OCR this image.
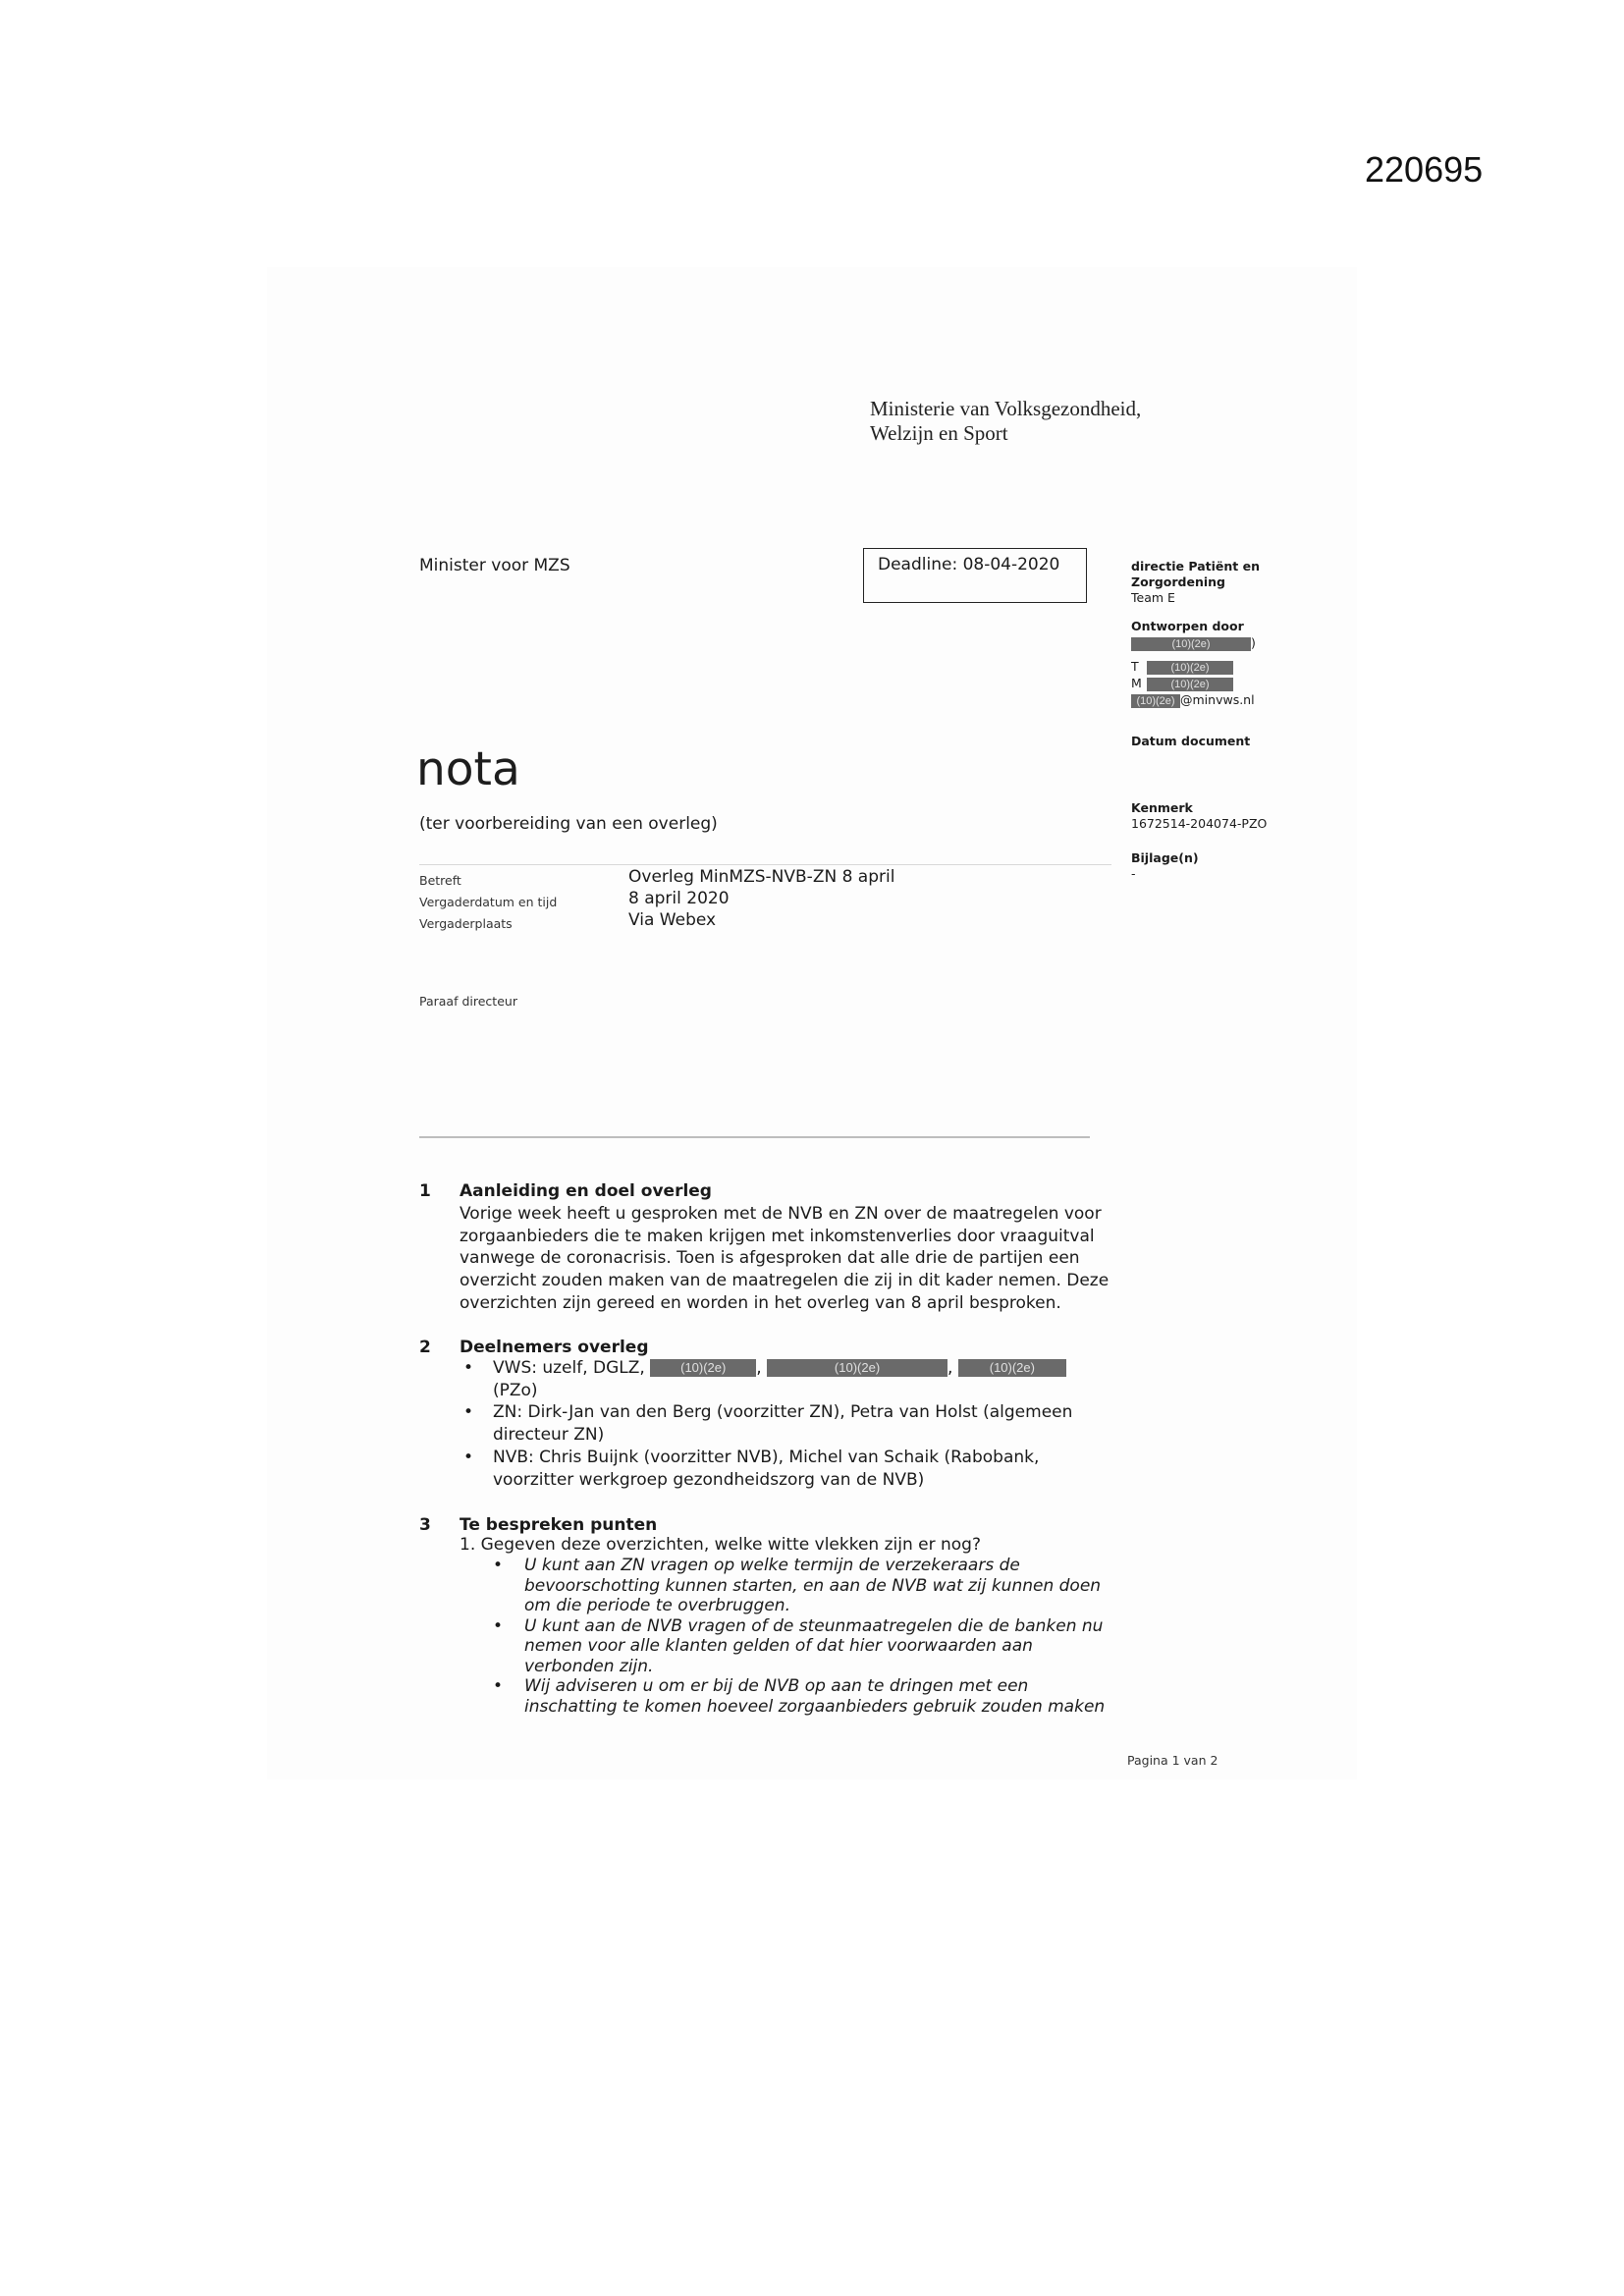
220695
Ministerie van Volksgezondheid,
Welzijn en Sport
Minister voor MZS	Deadline: 08-04-2020	directie Patiënt en
Zorgordening
Team E
Ontworpen door
(10)(2e)	)
T	(10)(2e)
M	(10)(2e)
(10)(2e) @minvws.nl
Datum document
Kenmerk
1672514-204074-PZO
Bijlage(n)
-
nota
(ter voorbereiding van een overleg)
Betreft	Overleg MinMZS-NVB-ZN 8 april
Vergaderdatum en tijd	8 april 2020
Vergaderplaats	Via Webex
Paraaf directeur
1 Aanleiding en doel overleg
Vorige week heeft u gesproken met de NVB en ZN over de maatregelen voor
zorgaanbieders die te maken krijgen met inkomstenverlies door vraaguitval
vanwege de coronacrisis. Toen is afgesproken dat alle drie de partijen een
overzicht zouden maken van de maatregelen die zij in dit kader nemen. Deze
overzichten zijn gereed en worden in het overleg van 8 april besproken.
2 Deelnemers overleg
• VWS: uzelf, DGLZ,	(10)(2e) ,	(10)(2e)	,	(10)(2e)
(PZo)
• ZN: Dirk-Jan van den Berg (voorzitter ZN), Petra van Holst (algemeen
directeur ZN)
• NVB: Chris Buijnk (voorzitter NVB), Michel van Schaik (Rabobank,
voorzitter werkgroep gezondheidszorg van de NVB)
3 Te bespreken punten
1. Gegeven deze overzichten, welke witte vlekken zijn er nog?
• U kunt aan ZN vragen op welke termijn de verzekeraars de
bevoorschotting kunnen starten, en aan de NVB wat zij kunnen doen
om die periode te overbruggen.
• U kunt aan de NVB vragen of de steunmaatregelen die de banken nu
nemen voor alle klanten gelden of dat hier voorwaarden aan
verbonden zijn.
• Wij adviseren u om er bij de NVB op aan te dringen met een
inschatting te komen hoeveel zorgaanbieders gebruik zouden maken
Pagina 1 van 2
